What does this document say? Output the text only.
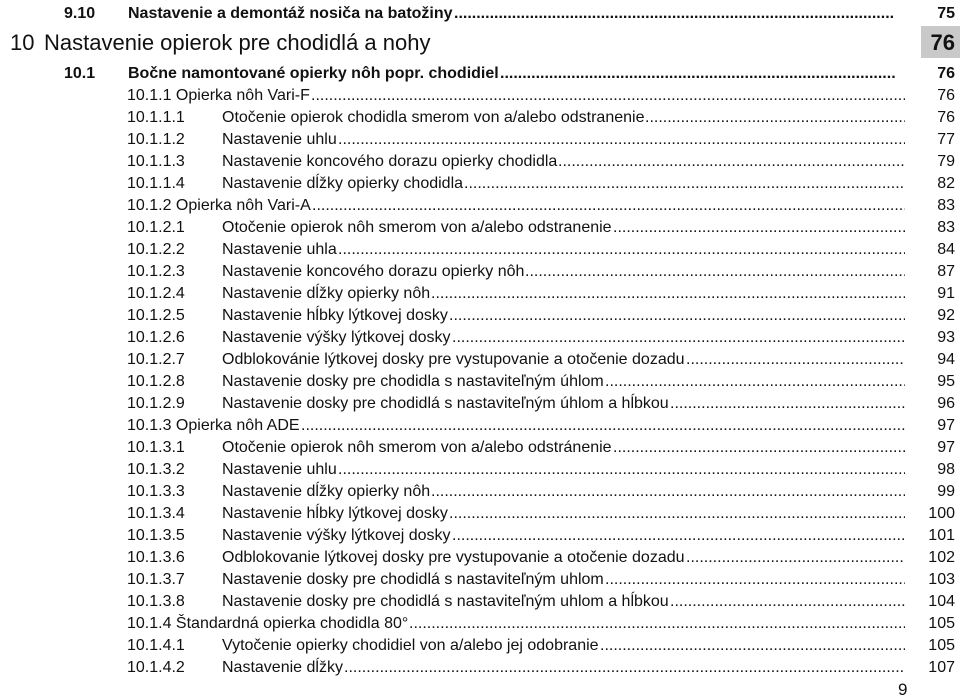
9.10 Nastavenie a demontáž nosiča na batožiny	75
.....
10 Nastavenie opierok pre chodidlá a nohy	76
10.1 Bočne namontované opierky nôh popr. chodidiel	76
.....
10.1.1 Opierka nôh Vari-F	76
.....
10.1.1.1 Otočenie opierok chodidla smerom von a/alebo odstranenie	76
.....
10.1.1.2 Nastavenie uhlu	77
.....
10.1.1.3 Nastavenie koncového dorazu opierky chodidla	79
.....
10.1.1.4 Nastavenie dĺžky opierky chodidla	82
.....
10.1.2 Opierka nôh Vari-A	83
.....
10.1.2.1 Otočenie opierok nôh smerom von a/alebo odstranenie	83
.....
10.1.2.2 Nastavenie uhla	84
.....
10.1.2.3 Nastavenie koncového dorazu opierky nôh	87
.....
10.1.2.4 Nastavenie dĺžky opierky nôh	91
.....
10.1.2.5 Nastavenie hĺbky lýtkovej dosky	92
.....
10.1.2.6 Nastavenie výšky lýtkovej dosky	93
.....
10.1.2.7 Odblokovánie lýtkovej dosky pre vystupovanie a otočenie dozadu	94
.....
10.1.2.8 Nastavenie dosky pre chodidla s nastaviteľným úhlom	95
.....
10.1.2.9 Nastavenie dosky pre chodidlá s nastaviteľným úhlom a hĺbkou	96
.....
10.1.3 Opierka nôh ADE	97
.....
10.1.3.1 Otočenie opierok nôh smerom von a/alebo odstránenie	97
.....
10.1.3.2 Nastavenie uhlu	98
.....
10.1.3.3 Nastavenie dĺžky opierky nôh	99
.....
10.1.3.4 Nastavenie hĺbky lýtkovej dosky	100
.....
10.1.3.5 Nastavenie výšky lýtkovej dosky	101
.....
10.1.3.6 Odblokovanie lýtkovej dosky pre vystupovanie a otočenie dozadu	102
.....
10.1.3.7 Nastavenie dosky pre chodidlá s nastaviteľným uhlom	103
.....
10.1.3.8 Nastavenie dosky pre chodidlá s nastaviteľným uhlom a hĺbkou	104
.....
10.1.4 Štandardná opierka chodidla 80°	105
.....
10.1.4.1 Vytočenie opierky chodidiel von a/alebo jej odobranie	105
.....
10.1.4.2 Nastavenie dĺžky	107
.....
9
